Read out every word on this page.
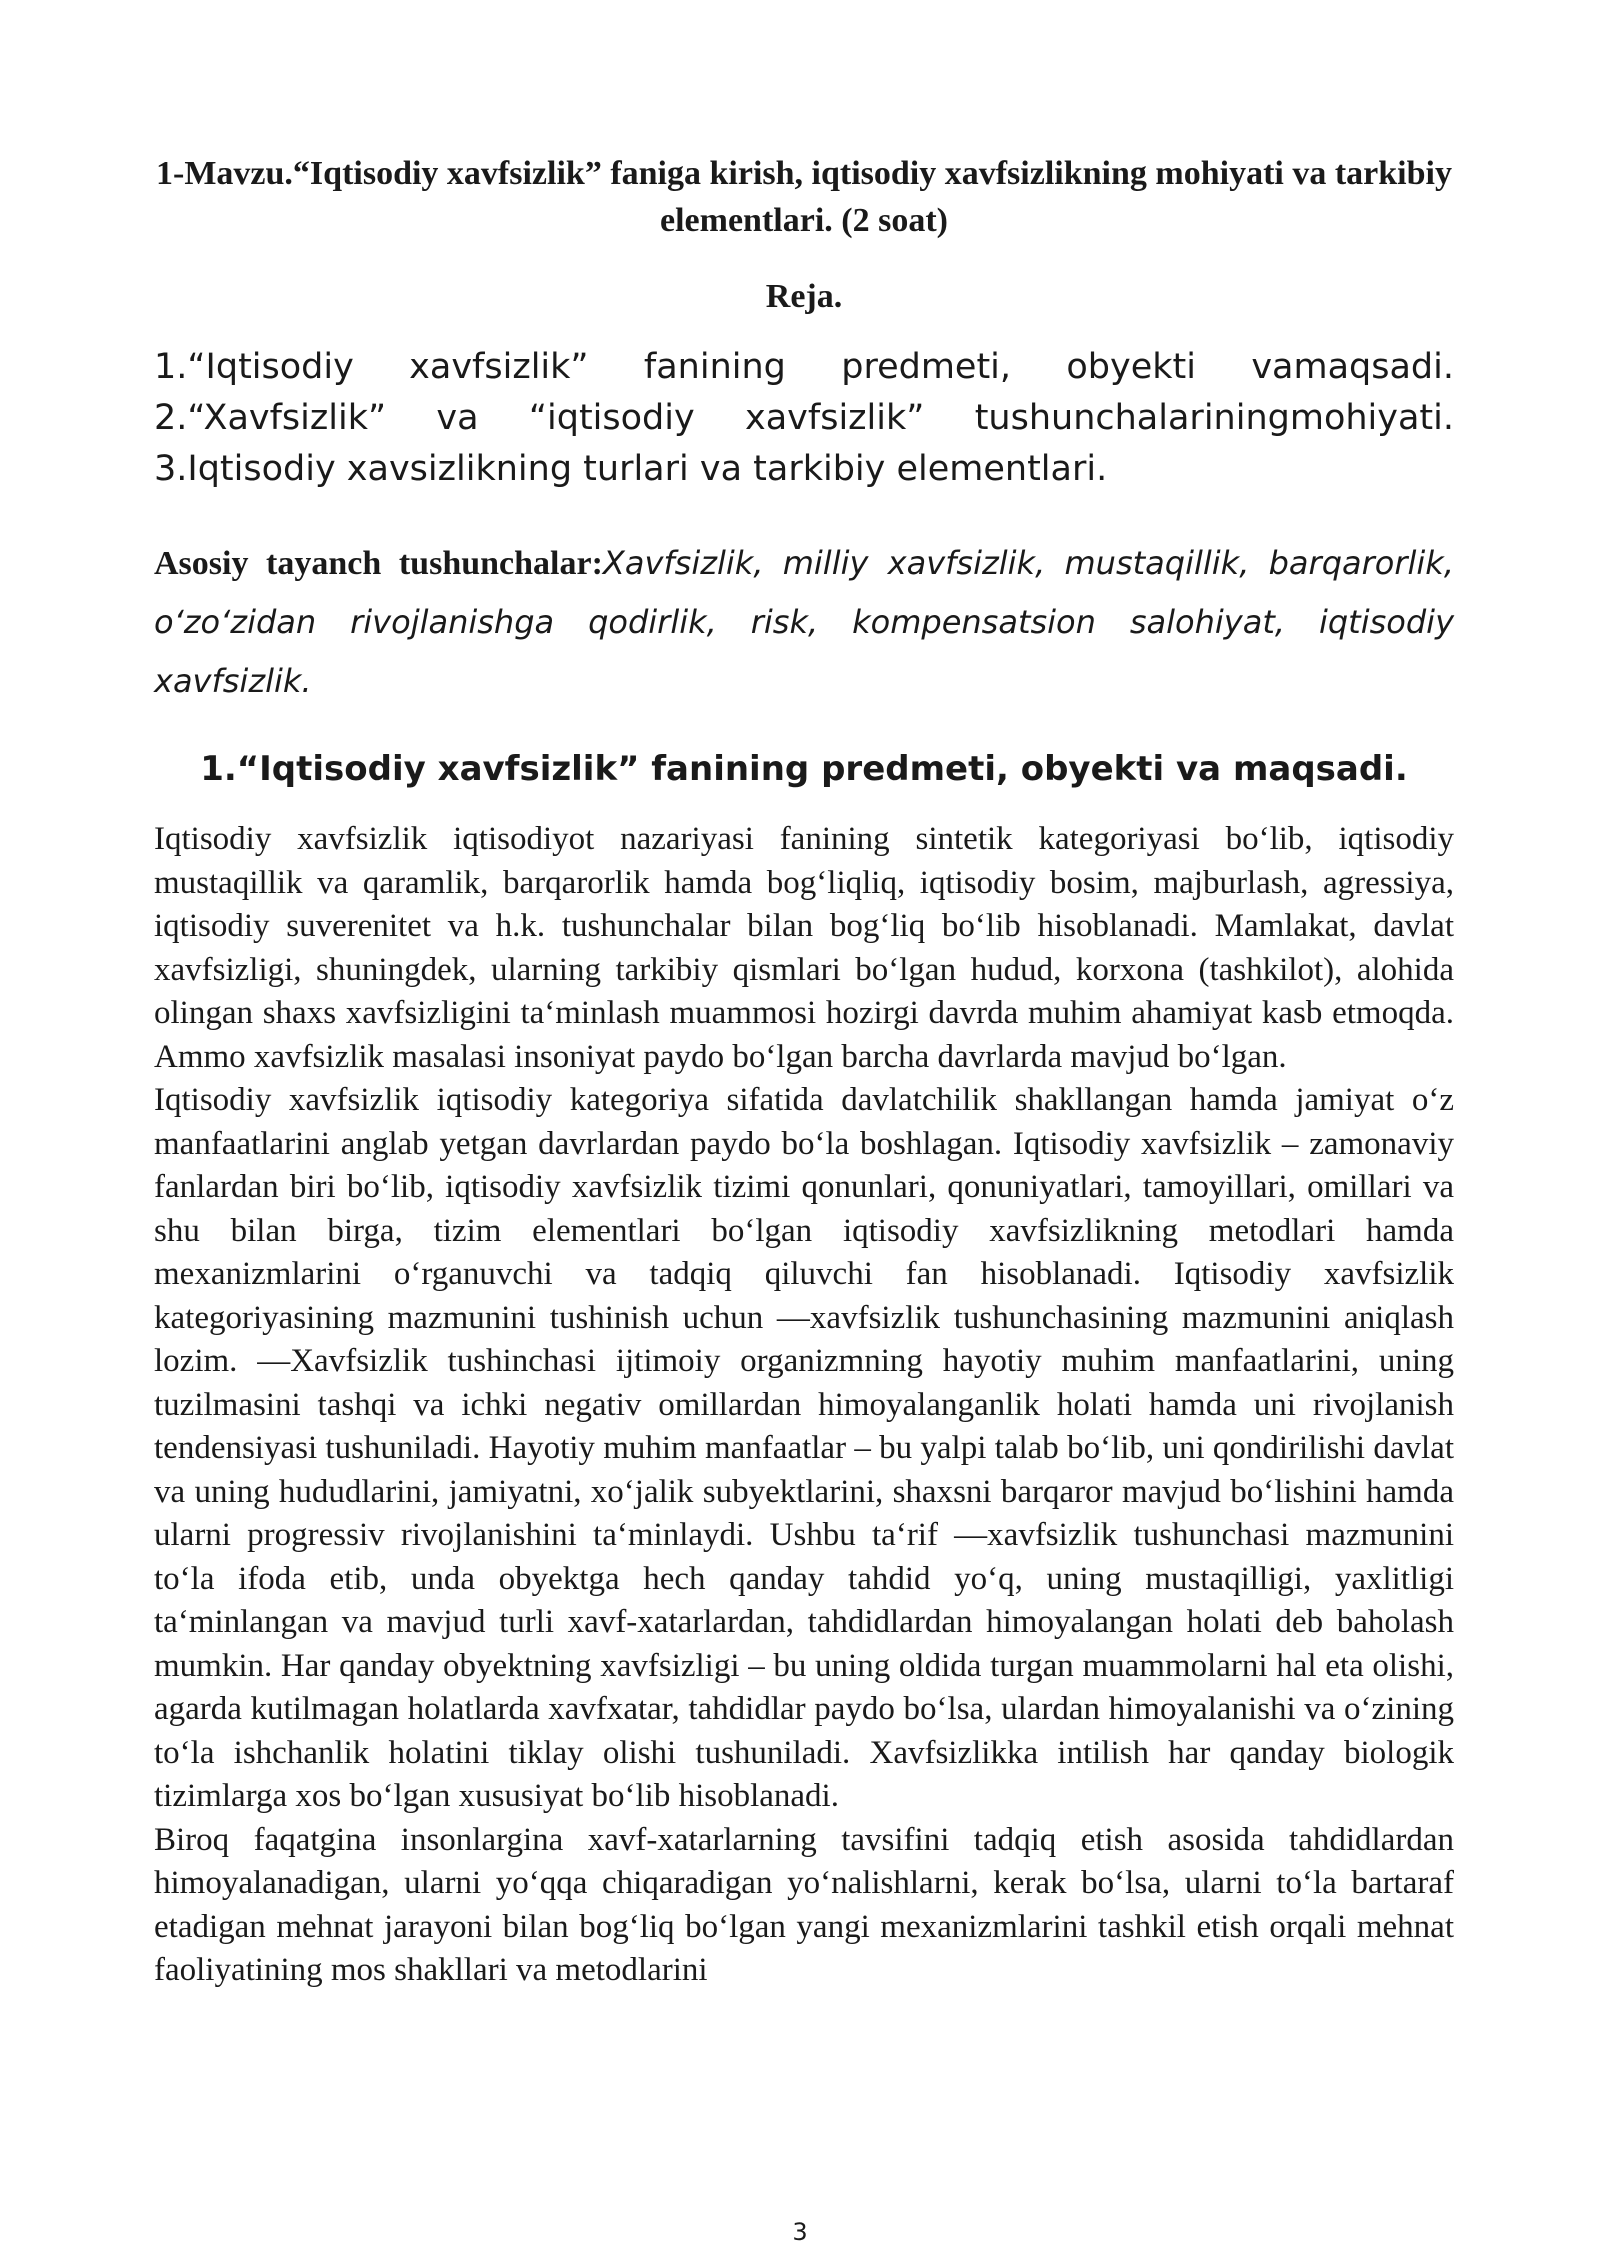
1-Mavzu.“Iqtisodiy xavfsizlik” faniga kirish, iqtisodiy xavfsizlikning mohiyati va tarkibiy elementlari. (2 soat)
Reja.
1.“Iqtisodiy xavfsizlik” fanining predmeti, obyekti vamaqsadi.
2.“Xavfsizlik” va “iqtisodiy xavfsizlik” tushunchalariningmohiyati.
3.Iqtisodiy xavsizlikning turlari va tarkibiy elementlari.

Asosiy tayanch tushunchalar:Xavfsizlik, milliy xavfsizlik, mustaqillik, barqarorlik, o‘zo‘zidan rivojlanishga qodirlik, risk, kompensatsion salohiyat, iqtisodiy xavfsizlik.

1.“Iqtisodiy xavfsizlik” fanining predmeti, obyekti va maqsadi.

Iqtisodiy xavfsizlik iqtisodiyot nazariyasi fanining sintetik kategoriyasi bo‘lib, iqtisodiy mustaqillik va qaramlik, barqarorlik hamda bog‘liqliq, iqtisodiy bosim, majburlash, agressiya, iqtisodiy suverenitet va h.k. tushunchalar bilan bog‘liq bo‘lib hisoblanadi. Mamlakat, davlat xavfsizligi, shuningdek, ularning tarkibiy qismlari bo‘lgan hudud, korxona (tashkilot), alohida olingan shaxs xavfsizligini ta‘minlash muammosi hozirgi davrda muhim ahamiyat kasb etmoqda. Ammo xavfsizlik masalasi insoniyat paydo bo‘lgan barcha davrlarda mavjud bo‘lgan.

Iqtisodiy xavfsizlik iqtisodiy kategoriya sifatida davlatchilik shakllangan hamda jamiyat o‘z manfaatlarini anglab yetgan davrlardan paydo bo‘la boshlagan. Iqtisodiy xavfsizlik – zamonaviy fanlardan biri bo‘lib, iqtisodiy xavfsizlik tizimi qonunlari, qonuniyatlari, tamoyillari, omillari va shu bilan birga, tizim elementlari bo‘lgan iqtisodiy xavfsizlikning metodlari hamda mexanizmlarini o‘rganuvchi va tadqiq qiluvchi fan hisoblanadi. Iqtisodiy xavfsizlik kategoriyasining mazmunini tushinish uchun —xavfsizlik tushunchasining mazmunini aniqlash lozim. —Xavfsizlik tushinchasi ijtimoiy organizmning hayotiy muhim manfaatlarini, uning tuzilmasini tashqi va ichki negativ omillardan himoyalanganlik holati hamda uni rivojlanish tendensiyasi tushuniladi. Hayotiy muhim manfaatlar – bu yalpi talab bo‘lib, uni qondirilishi davlat va uning hududlarini, jamiyatni, xo‘jalik subyektlarini, shaxsni barqaror mavjud bo‘lishini hamda ularni progressiv rivojlanishini ta‘minlaydi. Ushbu ta‘rif —xavfsizlik tushunchasi mazmunini to‘la ifoda etib, unda obyektga hech qanday tahdid yo‘q, uning mustaqilligi, yaxlitligi ta‘minlangan va mavjud turli xavf-xatarlardan, tahdidlardan himoyalangan holati deb baholash mumkin. Har qanday obyektning xavfsizligi – bu uning oldida turgan muammolarni hal eta olishi, agarda kutilmagan holatlarda xavfxatar, tahdidlar paydo bo‘lsa, ulardan himoyalanishi va o‘zining to‘la ishchanlik holatini tiklay olishi tushuniladi. Xavfsizlikka intilish har qanday biologik tizimlarga xos bo‘lgan xususiyat bo‘lib hisoblanadi.

Biroq faqatgina insonlargina xavf-xatarlarning tavsifini tadqiq etish asosida tahdidlardan himoyalanadigan, ularni yo‘qqa chiqaradigan yo‘nalishlarni, kerak bo‘lsa, ularni to‘la bartaraf etadigan mehnat jarayoni bilan bog‘liq bo‘lgan yangi mexanizmlarini tashkil etish orqali mehnat faoliyatining mos shakllari va metodlarini

3
